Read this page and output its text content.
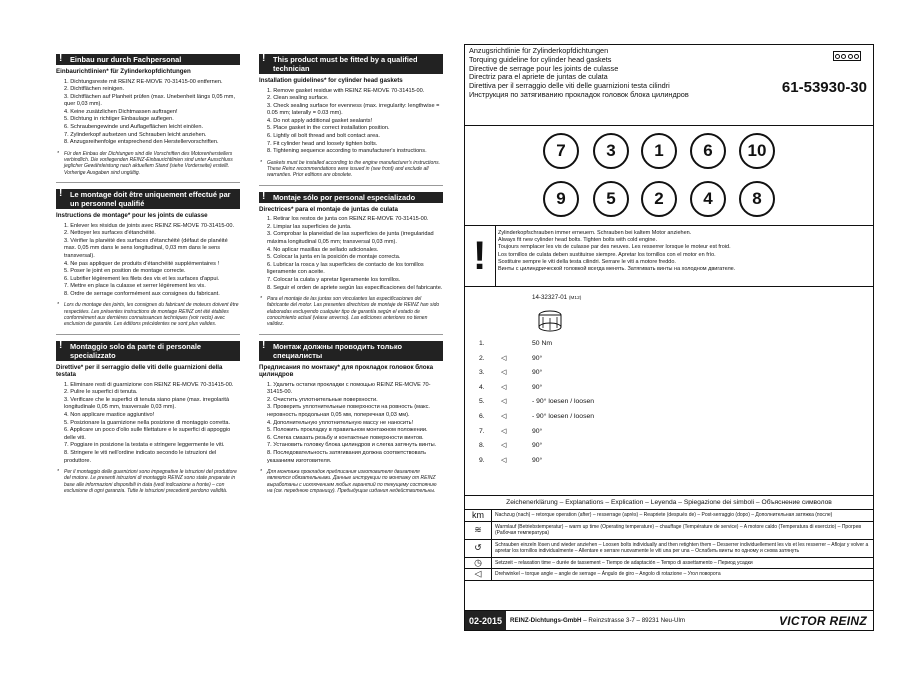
! Einbau nur durch Fachpersonal
Einbaurichtlinien* für Zylinderkopfdichtungen
1. Dichtungsreste mit REINZ RE-MOVE 70-31415-00 entfernen.
2. Dichtflächen reinigen.
3. Dichtflächen auf Planheit prüfen (max. Unebenheit längs 0,05 mm, quer 0,03 mm).
4. Keine zusätzlichen Dichtmassen auftragen!
5. Dichtung in richtiger Einbaulage auflegen.
6. Schraubengewinde und Auflageflächen leicht einölen.
7. Zylinderkopf aufsetzen und Schrauben leicht anziehen.
8. Anzugsreihenfolge entsprechend den Herstellervorschriften.
* Für den Einbau der Dichtungen sind die Vorschriften des Motorenherstellers verbindlich. Die vorliegenden REINZ-Einbaurichtlinien sind unter Ausschluss jeglicher Gewährleistung nach aktuellem Stand (siehe Vorderseite) erstellt. Vorherige Ausgaben sind ungültig.
! Le montage doit être uniquement effectué par un personnel qualifié
Instructions de montage* pour les joints de culasse
1. Enlever les résidus de joints avec REINZ RE-MOVE 70-31415-00.
2. Nettoyer les surfaces d'étanchéité.
3. Vérifier la planéité des surfaces d'étanchéité (défaut de planéité max. 0,05 mm dans le sens longitudinal, 0,03 mm dans le sens transversal).
4. Ne pas appliquer de produits d'étanchéité supplémentaires !
5. Poser le joint en position de montage correcte.
6. Lubrifier légèrement les filets des vis et les surfaces d'appui.
7. Mettre en place la culasse et serrer légèrement les vis.
8. Ordre de serrage conformément aux consignes du fabricant.
* Lors du montage des joints, les consignes du fabricant de moteurs doivent être respectées. Les présentes instructions de montage REINZ ont été établies conformément aux dernières connaissances techniques (voir recto) avec exclusion de garantie. Les éditions précédentes ne sont plus valides.
! Montaggio solo da parte di personale specializzato
Direttive* per il serraggio delle viti delle guarnizioni della testata
1. Eliminare resti di guarnizione con REINZ RE-MOVE 70-31415-00.
2. Pulire le superfici di tenuta.
3. Verificare che le superfici di tenuta siano piane (max. irregolarità longitudinale 0,05 mm, trasversale 0,03 mm).
4. Non applicare mastice aggiuntivo!
5. Posizionare la guarnizione nella posizione di montaggio corretta.
6. Applicare un poco d'olio sulle filettature e le superfici di appoggio delle viti.
7. Poggiare in posizione la testata e stringere leggermente le viti.
8. Stringere le viti nell'ordine indicato secondo le istruzioni del produttore.
* Per il montaggio delle guarnizioni sono impegnative le istruzioni del produttore del motore. Le presenti istruzioni di montaggio REINZ sono state preparate in base alle informazioni disponibili in data (vedi indicazione a fronte) – con esclusione di ogni garanzia. Tutte le istruzioni precedenti perdono validità.
! This product must be fitted by a qualified technician
Installation guidelines* for cylinder head gaskets
1. Remove gasket residue with REINZ RE-MOVE 70-31415-00.
2. Clean sealing surface.
3. Check sealing surface for evenness (max. irregularity: lengthwise = 0.05 mm; laterally = 0.03 mm).
4. Do not apply additional gasket sealants!
5. Place gasket in the correct installation position.
6. Lightly oil bolt thread and bolt contact area.
7. Fit cylinder head and loosely tighten bolts.
8. Tightening sequence according to manufacturer's instructions.
* Gaskets must be installed according to the engine manufacturer's instructions. These Reinz recommendations were issued in (see front) and exclude all warranties. Prior editions are obsolete.
! Montaje sólo por personal especializado
Directrices* para el montaje de juntas de culata
1. Retirar los restos de junta con REINZ RE-MOVE 70-31415-00.
2. Limpiar las superficies de junta.
3. Comprobar la planeidad de las superficies de junta (irregularidad máxima longitudinal 0,05 mm; transversal 0,03 mm).
4. No aplicar masillas de sellado adicionales.
5. Colocar la junta en la posición de montaje correcta.
6. Lubricar la rosca y las superficies de contacto de los tornillos ligeramente con aceite.
7. Colocar la culata y apretar ligeramente los tornillos.
8. Seguir el orden de apriete según las especificaciones del fabricante.
* Para el montaje de las juntas son vinculantes las especificaciones del fabricante del motor. Las presentes directrices de montaje de REINZ han sido elaboradas excluyendo cualquier tipo de garantía según el estado de conocimiento actual (véase anverso). Las ediciones anteriores no tienen validez.
! Монтаж должны проводить только специалисты
Предписания по монтажу* для прокладок головок блока цилиндров
1. Удалить остатки прокладки с помощью REINZ RE-MOVE 70-31415-00.
2. Очистить уплотнительные поверхности.
3. Проверить уплотнительные поверхности на ровность (макс. неровность продольная 0,05 мм, поперечная 0,03 мм).
4. Дополнительную уплотнительную массу не наносить!
5. Положить прокладку в правильном монтажном положении.
6. Слегка смазать резьбу и контактные поверхности винтов.
7. Установить головку блока цилиндров и слегка затянуть винты.
8. Последовательность затягивания должна соответствовать указаниям изготовителя.
* Для монтажа прокладок предписания изготовителя двигателя являются обязательными. Данные инструкции по монтажу от REINZ выработаны с исключением любых гарантий по текущему состоянию на (см. переднюю страницу). Предыдущие издания недействительны.
Anzugsrichtlinie für Zylinderkopfdichtungen
Torquing guideline for cylinder head gaskets
Directive de serrage pour les joints de culasse
Directriz para el apriete de juntas de culata
Direttiva per il serraggio delle viti delle guarnizioni testa cilindri
Инструкция по затягиванию прокладок головок блока цилиндров	61-53930-30
7	3	1	6	10
9	5	2	4	8
!
Zylinderkopfschrauben immer erneuern. Schrauben bei kaltem Motor anziehen.
Always fit new cylinder head bolts. Tighten bolts with cold engine.
Toujours remplacer les vis de culasse par des neuves. Les resserrer lorsque le moteur est froid.
Los tornillos de culata deben sustituirse siempre. Apretar los tornillos con el motor en frío.
Sostituire sempre le viti della testa cilindri. Serrare le viti a motore freddo.
Винты с цилиндрической головкой всегда менять. Затягивать винты на холодном двигателе.
14-32327-01 (M12)
1.	50 Nm
2. ◁	90°
3. ◁	90°
4. ◁	90°
5. ◁	- 90° loesen / loosen
6. ◁	- 90° loesen / loosen
7. ◁	90°
8. ◁	90°
9. ◁	90°
Zeichenerklärung – Explanations – Explication – Leyenda – Spiegazione dei simboli – Объяснение символов
km	Nachzug (nach) – retorque operation (after) – resserrage (après) – Reapriete (después de) – Post-serraggio (dopo) – Дополнительная затяжка (после)
≋	Warmlauf (Betriebstemperatur) – warm up time (Operating temperature) – chauffage (Température de service) – A motore caldo (Temperatura di esercizio) – Прогрев (Рабочая температура)
↺	Schrauben einzeln lösen und wieder anziehen – Loosen bolts individually and then retighten them – Desserrer individuellement les vis et les resserrer – Aflojar y volver a apretar los tornillos individualmente – Allentare e serrare nuovamente le viti una per una – Ослабить винты по одному и снова затянуть
◷	Setzzeit – relaxation time – durée de tassement – Tiempo de adaptación – Tempo di assettamento – Период усадки
◁	Drehwinkel – torque angle – angle de serrage – Ángulo de giro – Angolo di rotazione – Угол поворота
02-2015	REINZ-Dichtungs-GmbH – Reinzstrasse 3-7 – 89231 Neu-Ulm	VICTOR REINZ
